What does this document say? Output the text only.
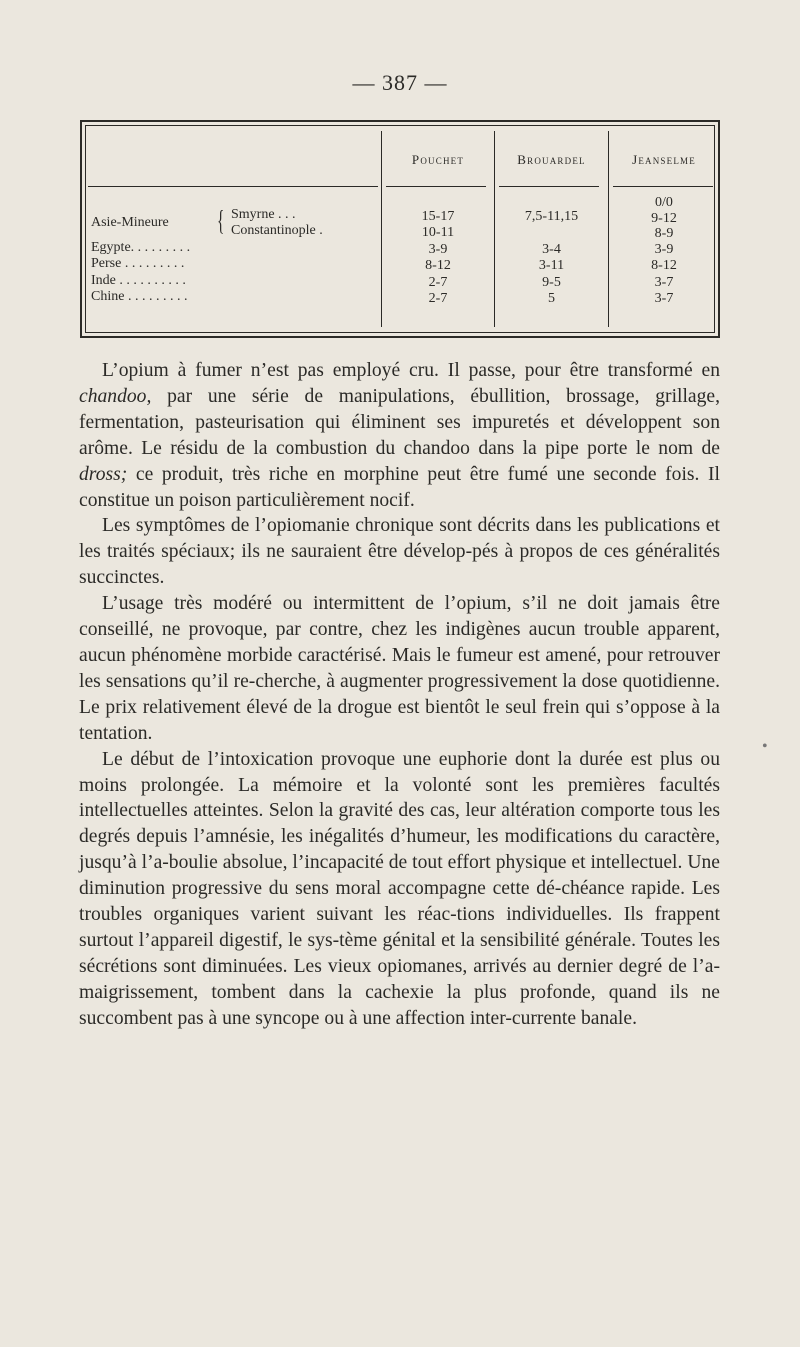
— 387 —
Pouchet	Brouardel	Jeanselme
0/0
Asie-Mineure { Smyrne . . .
Constantinople .
Egypte. . . . . . . . .
Perse . . . . . . . . .
Inde . . . . . . . . . .
Chine . . . . . . . . .
15-17
10-11
3-9
8-12
2-7
2-7
7,5-11,15
3-4
3-11
9-5
5
9-12
8-9
3-9
8-12
3-7
3-7

L’opium à fumer n’est pas employé cru. Il passe, pour être transformé en chandoo, par une série de manipulations, ébullition, brossage, grillage, fermentation, pasteurisation qui éliminent ses impuretés et développent son arôme. Le résidu de la combustion du chandoo dans la pipe porte le nom de dross; ce produit, très riche en morphine peut être fumé une seconde fois. Il constitue un poison particulièrement nocif.

Les symptômes de l’opiomanie chronique sont décrits dans les publications et les traités spéciaux; ils ne sauraient être dévelop-pés à propos de ces généralités succinctes.

L’usage très modéré ou intermittent de l’opium, s’il ne doit jamais être conseillé, ne provoque, par contre, chez les indigènes aucun trouble apparent, aucun phénomène morbide caractérisé. Mais le fumeur est amené, pour retrouver les sensations qu’il re-cherche, à augmenter progressivement la dose quotidienne. Le prix relativement élevé de la drogue est bientôt le seul frein qui s’oppose à la tentation.

Le début de l’intoxication provoque une euphorie dont la durée est plus ou moins prolongée. La mémoire et la volonté sont les premières facultés intellectuelles atteintes. Selon la gravité des cas, leur altération comporte tous les degrés depuis l’amnésie, les inégalités d’humeur, les modifications du caractère, jusqu’à l’a-boulie absolue, l’incapacité de tout effort physique et intellectuel. Une diminution progressive du sens moral accompagne cette dé-chéance rapide. Les troubles organiques varient suivant les réac-tions individuelles. Ils frappent surtout l’appareil digestif, le sys-tème génital et la sensibilité générale. Toutes les sécrétions sont diminuées. Les vieux opiomanes, arrivés au dernier degré de l’a-maigrissement, tombent dans la cachexie la plus profonde, quand ils ne succombent pas à une syncope ou à une affection inter-currente banale.

•
